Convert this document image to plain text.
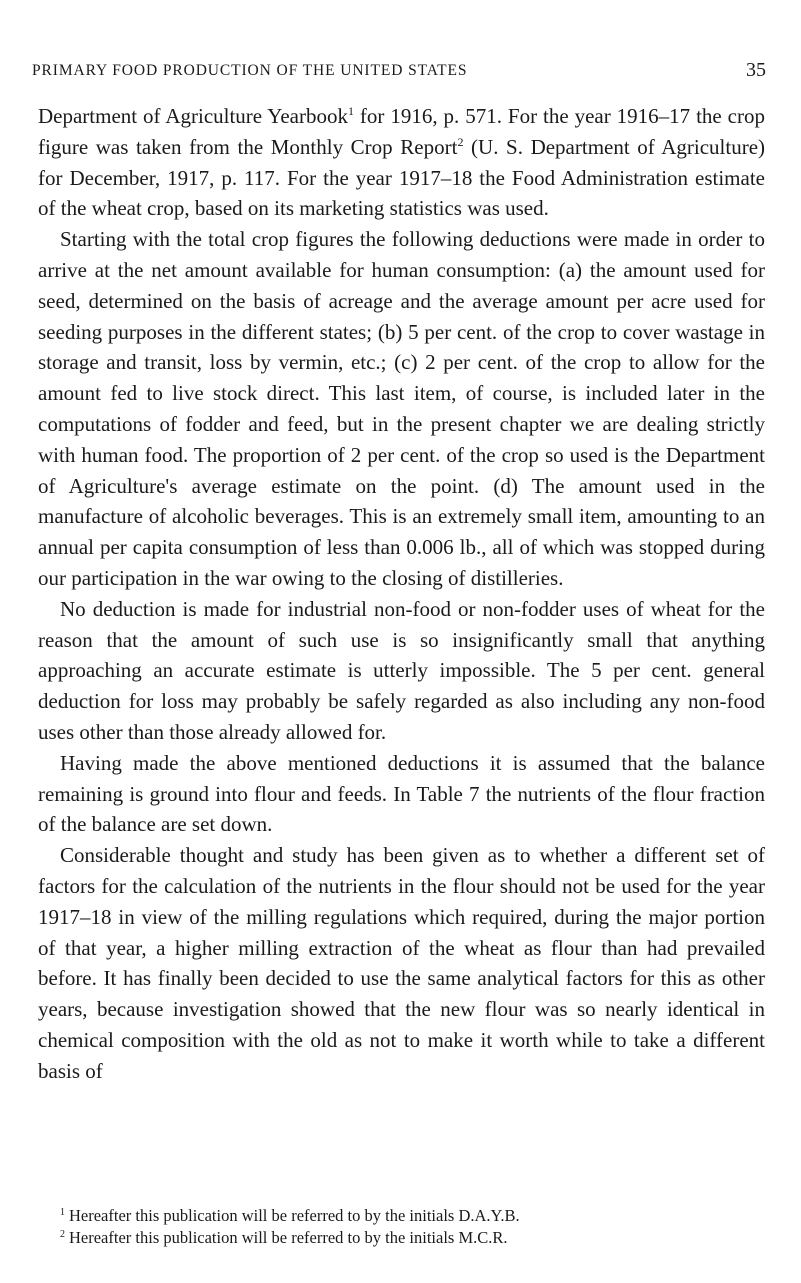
PRIMARY FOOD PRODUCTION OF THE UNITED STATES	35

Department of Agriculture Yearbook$^1$ for 1916, p. 571. For the year 1916–17 the crop figure was taken from the Monthly Crop Report$^2$ (U. S. Department of Agriculture) for December, 1917, p. 117. For the year 1917–18 the Food Administration estimate of the wheat crop, based on its marketing statistics was used.

Starting with the total crop figures the following deductions were made in order to arrive at the net amount available for human consumption: (a) the amount used for seed, determined on the basis of acreage and the average amount per acre used for seeding purposes in the different states; (b) 5 per cent. of the crop to cover wastage in storage and transit, loss by vermin, etc.; (c) 2 per cent. of the crop to allow for the amount fed to live stock direct. This last item, of course, is included later in the computations of fodder and feed, but in the present chapter we are dealing strictly with human food. The proportion of 2 per cent. of the crop so used is the Department of Agriculture's average estimate on the point. (d) The amount used in the manufacture of alcoholic beverages. This is an extremely small item, amounting to an annual per capita consumption of less than 0.006 lb., all of which was stopped during our participation in the war owing to the closing of distilleries.

No deduction is made for industrial non-food or non-fodder uses of wheat for the reason that the amount of such use is so insignificantly small that anything approaching an accurate estimate is utterly impossible. The 5 per cent. general deduction for loss may probably be safely regarded as also including any non-food uses other than those already allowed for.

Having made the above mentioned deductions it is assumed that the balance remaining is ground into flour and feeds. In Table 7 the nutrients of the flour fraction of the balance are set down.

Considerable thought and study has been given as to whether a different set of factors for the calculation of the nutrients in the flour should not be used for the year 1917–18 in view of the milling regulations which required, during the major portion of that year, a higher milling extraction of the wheat as flour than had prevailed before. It has finally been decided to use the same analytical factors for this as other years, because investigation showed that the new flour was so nearly identical in chemical composition with the old as not to make it worth while to take a different basis of

$^1$ Hereafter this publication will be referred to by the initials D.A.Y.B.
$^2$ Hereafter this publication will be referred to by the initials M.C.R.
